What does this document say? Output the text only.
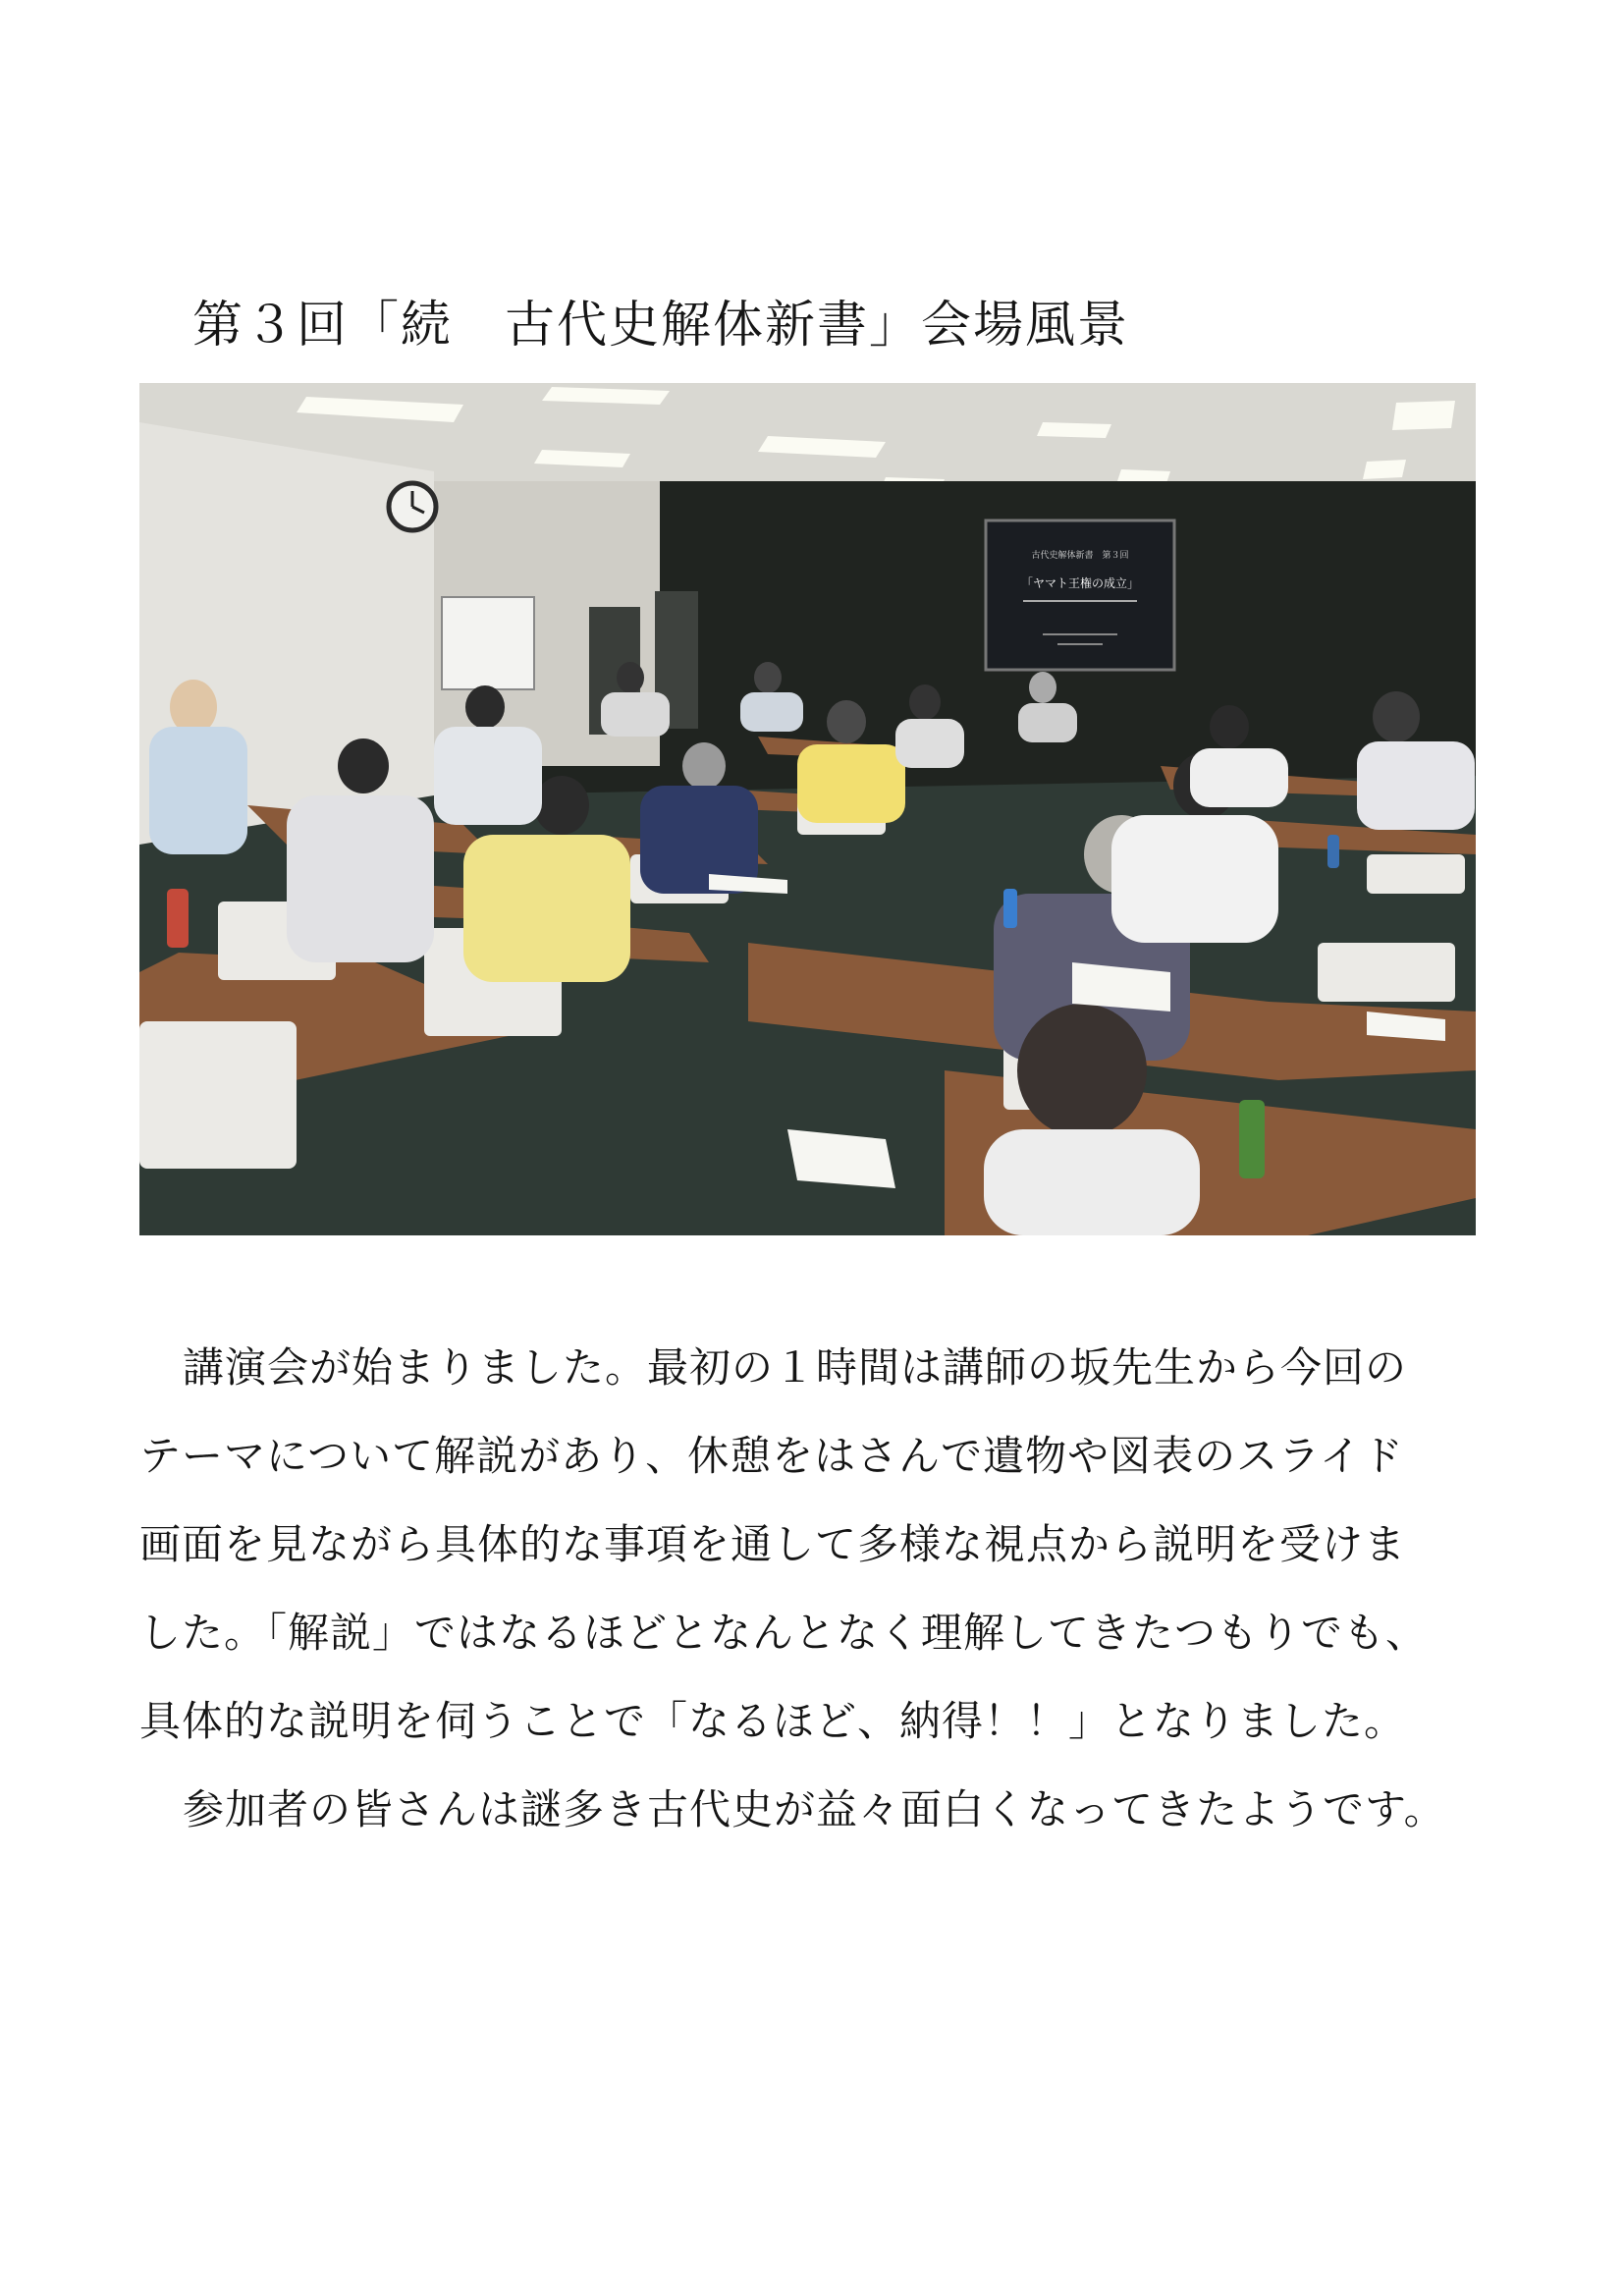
第３回「続　古代史解体新書」会場風景
古代史解体新書　第３回
「ヤマト王権の成立」

講演会が始まりました。最初の１時間は講師の坂先生から今回の

テーマについて解説があり、休憩をはさんで遺物や図表のスライド

画面を見ながら具体的な事項を通して多様な視点から説明を受けま

した。「解説」ではなるほどとなんとなく理解してきたつもりでも、

具体的な説明を伺うことで「なるほど、納得！！」となりました。

参加者の皆さんは謎多き古代史が益々面白くなってきたようです。
